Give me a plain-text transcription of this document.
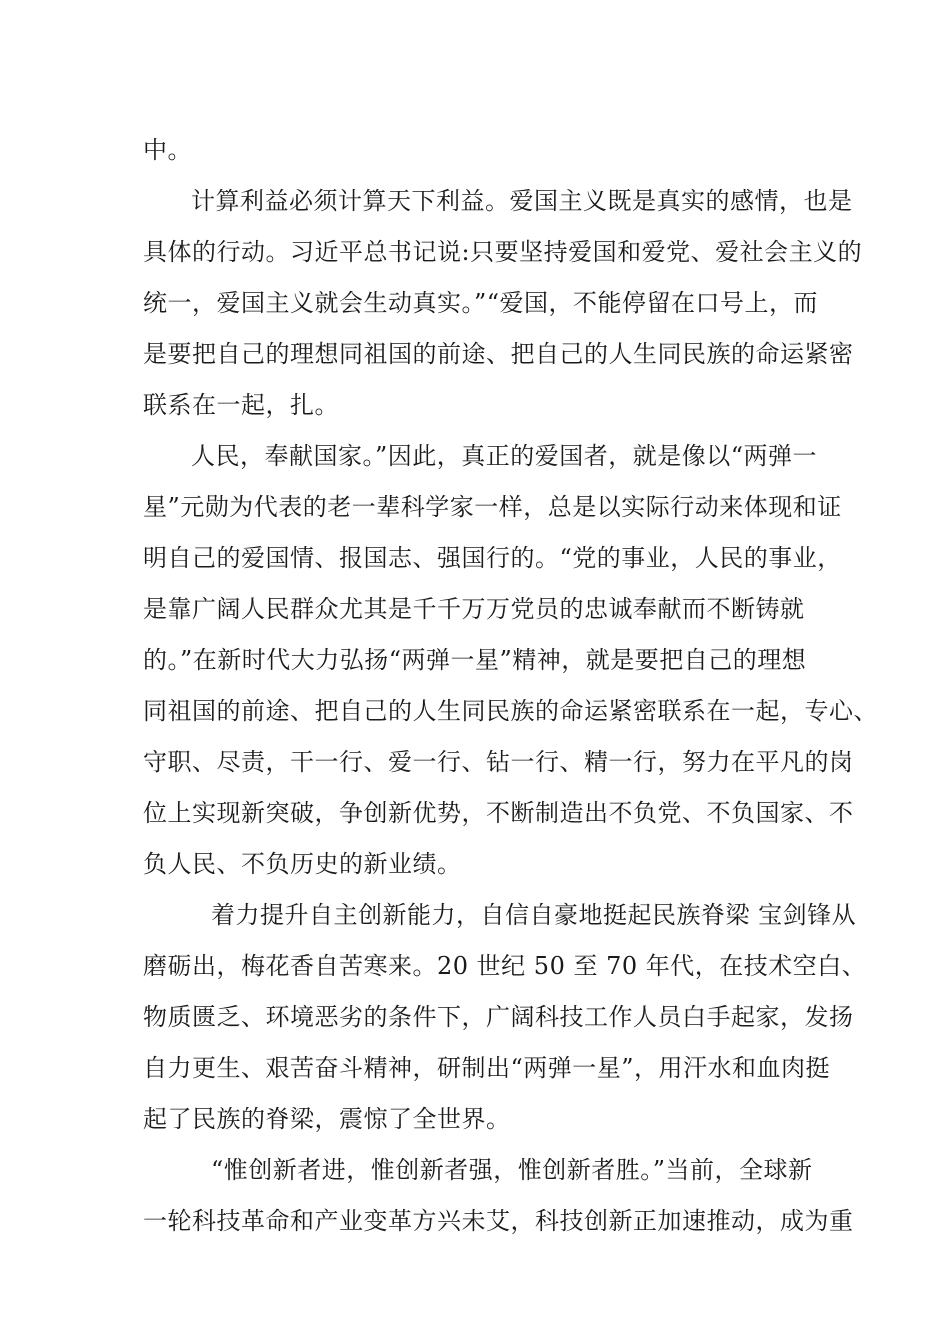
中。
计算利益必须计算天下利益。爱国主义既是真实的感情，也是
具体的行动。习近平总书记说:只要坚持爱国和爱党、爱社会主义的
统一，爱国主义就会生动真实。”“爱国，不能停留在口号上，而
是要把自己的理想同祖国的前途、把自己的人生同民族的命运紧密
联系在一起，扎。
人民，奉献国家。”因此，真正的爱国者，就是像以“两弹一
星”元勋为代表的老一辈科学家一样，总是以实际行动来体现和证
明自己的爱国情、报国志、强国行的。“党的事业，人民的事业，
是靠广阔人民群众尤其是千千万万党员的忠诚奉献而不断铸就
的。”在新时代大力弘扬“两弹一星”精神，就是要把自己的理想
同祖国的前途、把自己的人生同民族的命运紧密联系在一起，专心、
守职、尽责，干一行、爱一行、钻一行、精一行，努力在平凡的岗
位上实现新突破，争创新优势，不断制造出不负党、不负国家、不
负人民、不负历史的新业绩。
着力提升自主创新能力，自信自豪地挺起民族脊梁 宝剑锋从
磨砺出，梅花香自苦寒来。20 世纪 50 至 70 年代，在技术空白、
物质匮乏、环境恶劣的条件下，广阔科技工作人员白手起家，发扬
自力更生、艰苦奋斗精神，研制出“两弹一星”，用汗水和血肉挺
起了民族的脊梁，震惊了全世界。
“惟创新者进，惟创新者强，惟创新者胜。”当前，全球新
一轮科技革命和产业变革方兴未艾，科技创新正加速推动，成为重
